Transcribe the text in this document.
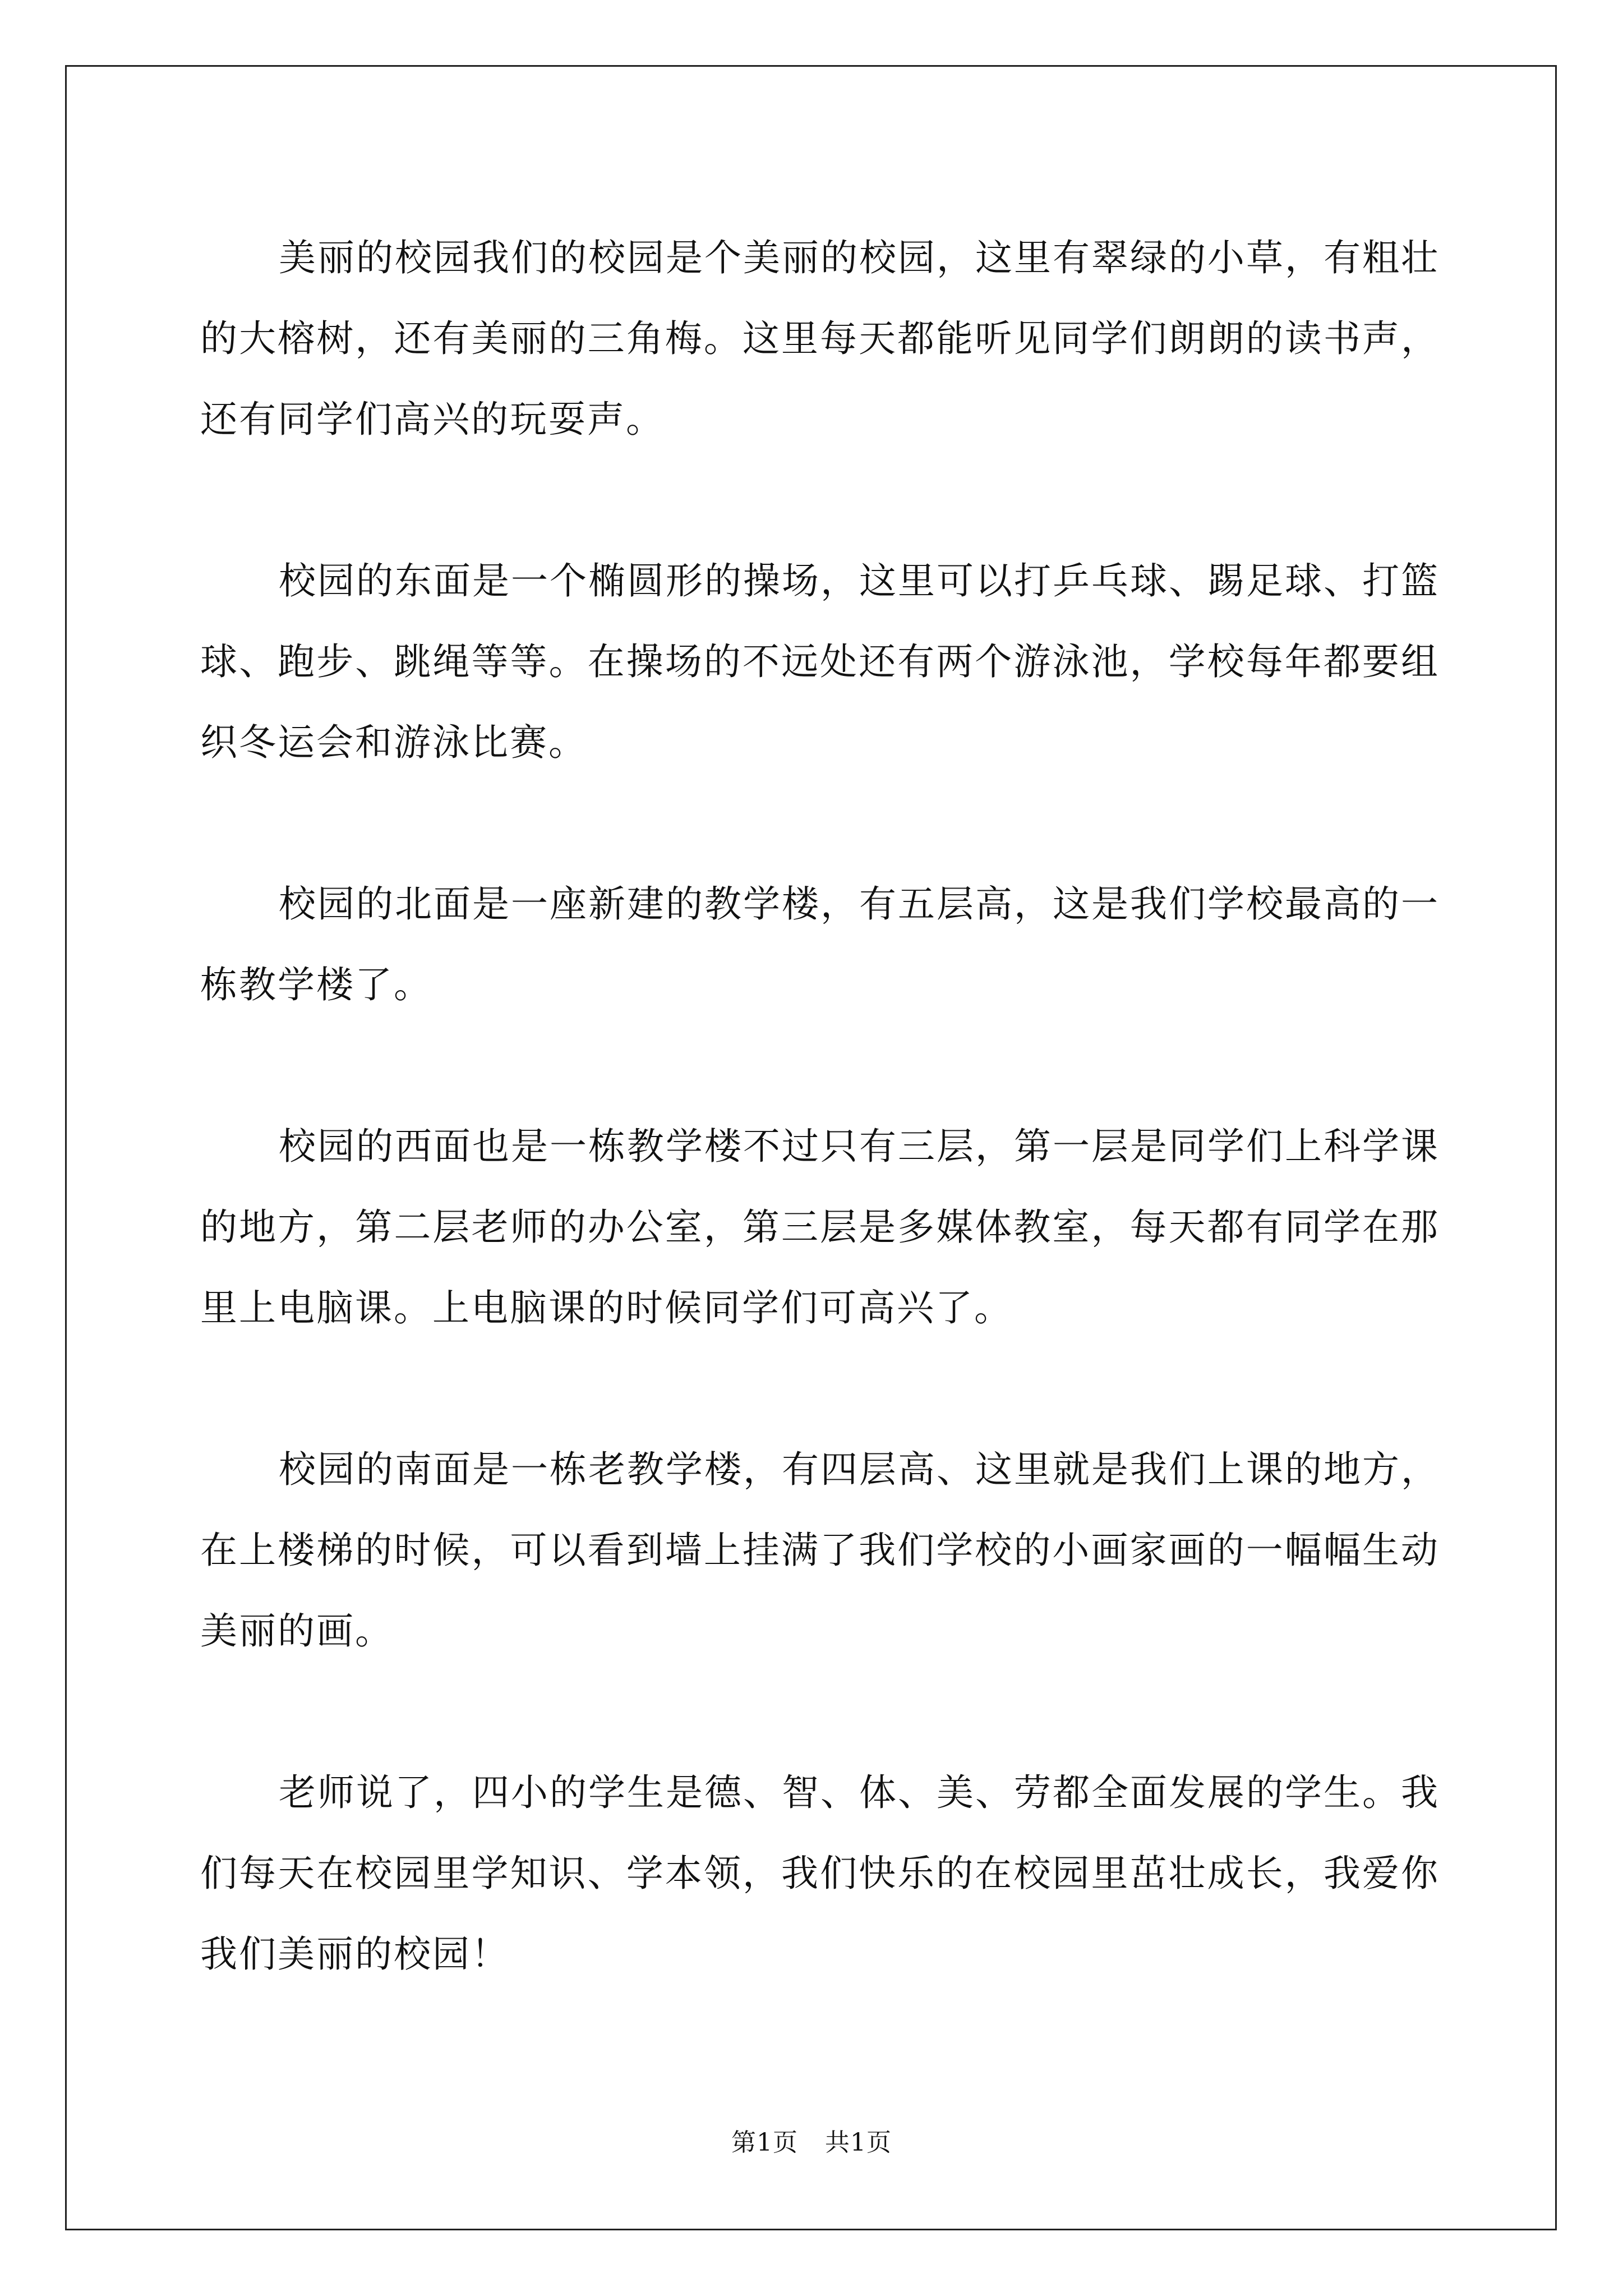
美丽的校园我们的校园是个美丽的校园，这里有翠绿的小草，有粗壮的大榕树，还有美丽的三角梅。这里每天都能听见同学们朗朗的读书声，还有同学们高兴的玩耍声。

校园的东面是一个椭圆形的操场，这里可以打乒乓球、踢足球、打篮球、跑步、跳绳等等。在操场的不远处还有两个游泳池，学校每年都要组织冬运会和游泳比赛。

校园的北面是一座新建的教学楼，有五层高，这是我们学校最高的一栋教学楼了。

校园的西面也是一栋教学楼不过只有三层，第一层是同学们上科学课的地方，第二层老师的办公室，第三层是多媒体教室，每天都有同学在那里上电脑课。上电脑课的时候同学们可高兴了。

校园的南面是一栋老教学楼，有四层高、这里就是我们上课的地方，在上楼梯的时候，可以看到墙上挂满了我们学校的小画家画的一幅幅生动美丽的画。

老师说了，四小的学生是德、智、体、美、劳都全面发展的学生。我们每天在校园里学知识、学本领，我们快乐的在校园里茁壮成长，我爱你我们美丽的校园！

第1页 共1页
